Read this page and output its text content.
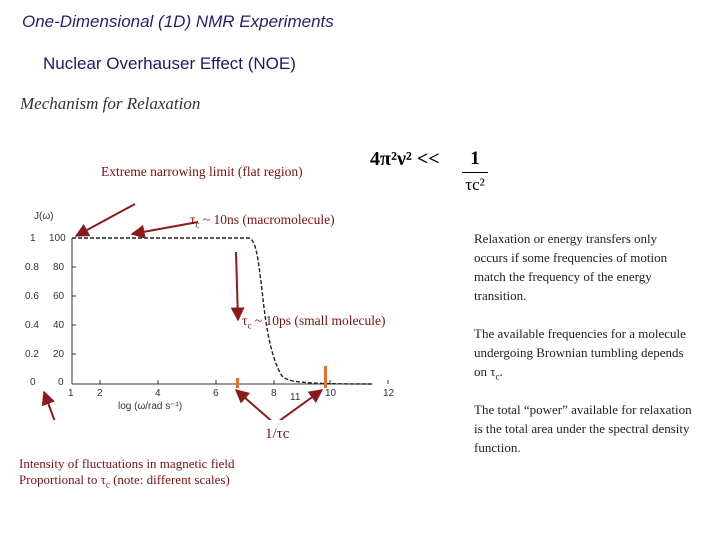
One-Dimensional (1D) NMR Experiments
Nuclear Overhauser Effect (NOE)
Mechanism for Relaxation
Extreme narrowing limit (flat region)
$4\pi^2\nu^2 << \frac{1}{\text{τc²}}$
$\tau_c$ ~ 10ns (macromolecule)
$\tau_c$ ~ 10ps (small molecule)
1/τc
Intensity of fluctuations in magnetic field
Proportional to $\tau_c$ (note: different scales)
Relaxation or energy transfers only occurs if some frequencies of motion match the frequency of the energy transition.
The available frequencies for a molecule undergoing Brownian tumbling depends on $\tau_c$.
The total “power” available for relaxation is the total area under the spectral density function.
J(ω)
1
0.8
0.6
0.4
0.2
0
100
80
60
40
20
0
1 2	4	6	8 11 10	12
log (ω/rad s⁻¹)
